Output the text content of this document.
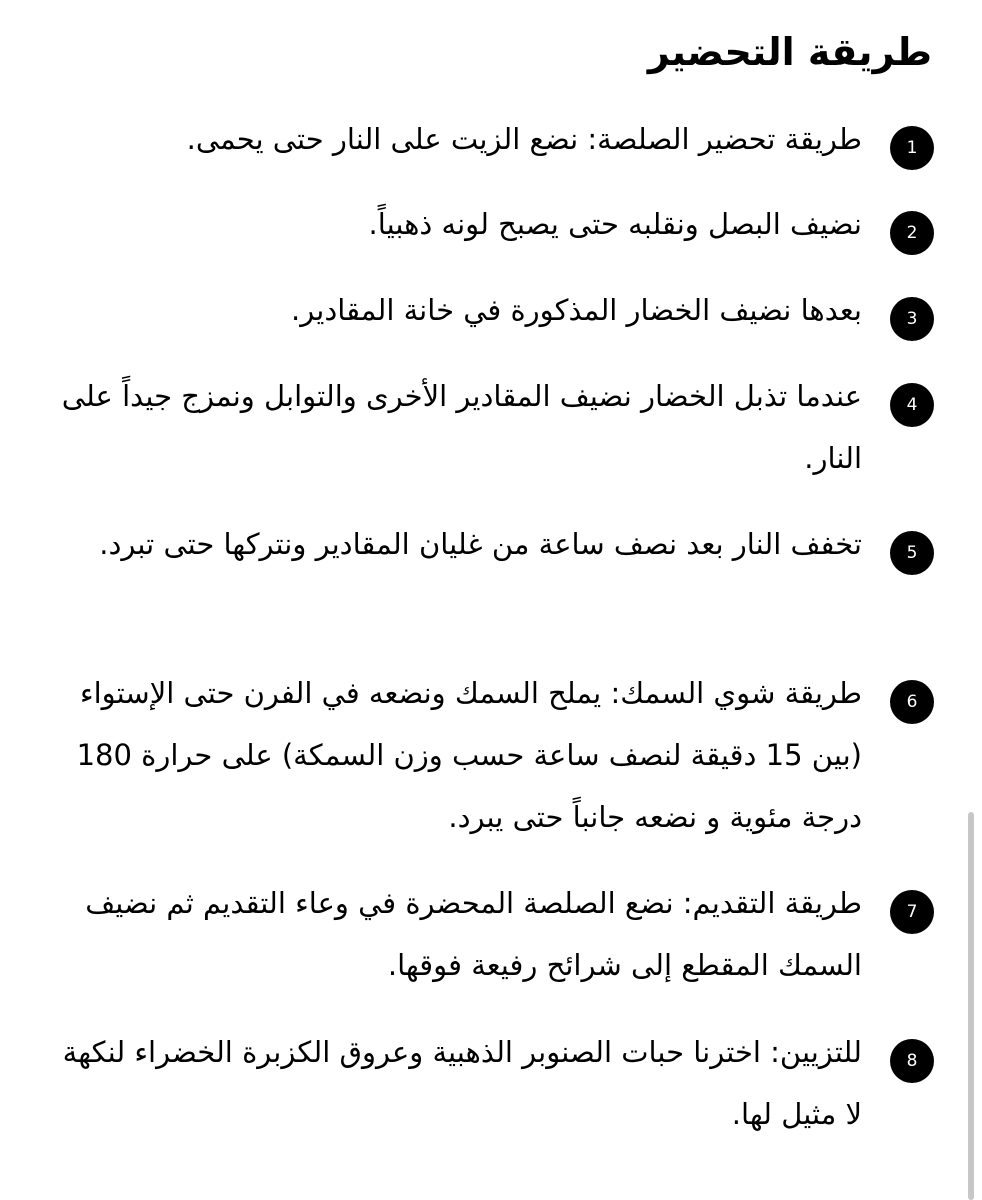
طريقة التحضير
1

طريقة تحضير الصلصة: نضع الزيت على النار حتى يحمى.

2

نضيف البصل ونقلبه حتى يصبح لونه ذهبياً.

3

بعدها نضيف الخضار المذكورة في خانة المقادير.

4

عندما تذبل الخضار نضيف المقادير الأخرى والتوابل ونمزج جيداً على النار.

5

تخفف النار بعد نصف ساعة من غليان المقادير ونتركها حتى تبرد.

6

طريقة شوي السمك: يملح السمك ونضعه في الفرن حتى الإستواء (بين 15 دقيقة لنصف ساعة حسب وزن السمكة) على حرارة 180 درجة مئوية و نضعه جانباً حتى يبرد.

7

طريقة التقديم: نضع الصلصة المحضرة في وعاء التقديم ثم نضيف السمك المقطع إلى شرائح رفيعة فوقها.

8

للتزيين: اخترنا حبات الصنوبر الذهبية وعروق الكزبرة الخضراء لنكهة لا مثيل لها.
